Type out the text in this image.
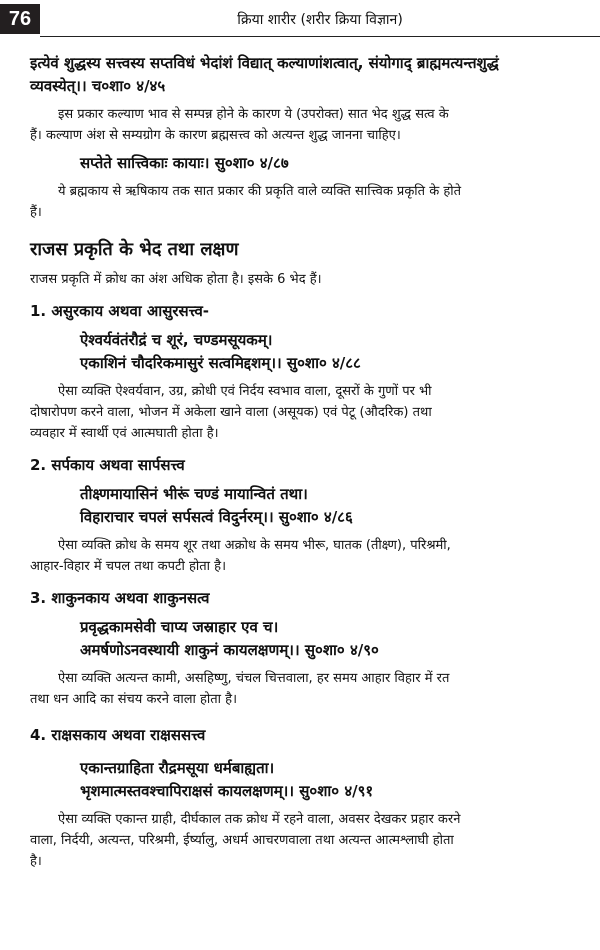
76	क्रिया शारीर (शरीर क्रिया विज्ञान)

इत्येवं शुद्धस्य सत्त्वस्य सप्तविधं भेदांशं विद्यात् कल्याणांशत्वात्, संयोगाद् ब्राह्ममत्यन्तशुद्धं
व्यवस्येत्।। च०शा० ४/४५

इस प्रकार कल्याण भाव से सम्पन्न होने के कारण ये (उपरोक्त) सात भेद शुद्ध सत्व के
हैं। कल्याण अंश से सम्यग्रोग के कारण ब्रह्मसत्त्व को अत्यन्त शुद्ध जानना चाहिए।

सप्तेते सात्त्विकाः कायाः। सु०शा० ४/८७

ये ब्रह्मकाय से ऋषिकाय तक सात प्रकार की प्रकृति वाले व्यक्ति सात्त्विक प्रकृति के होते
हैं।

राजस प्रकृति के भेद तथा लक्षण

राजस प्रकृति में क्रोध का अंश अधिक होता है। इसके 6 भेद हैं।

1. असुरकाय अथवा आसुरसत्त्व-

ऐश्वर्यवंतंरौद्रं च शूरं, चण्डमसूयकम्।
एकाशिनं चौदरिकमासुरं सत्वमिद्दशम्।। सु०शा० ४/८८

ऐसा व्यक्ति ऐश्वर्यवान, उग्र, क्रोधी एवं निर्दय स्वभाव वाला, दूसरों के गुणों पर भी
दोषारोपण करने वाला, भोजन में अकेला खाने वाला (असूयक) एवं पेटू (औदरिक) तथा
व्यवहार में स्वार्थी एवं आत्मघाती होता है।

2. सर्पकाय अथवा सार्पसत्त्व

तीक्ष्णमायासिनं भीरूं चण्डं मायान्वितं तथा।
विहाराचार चपलं सर्पसत्वं विदुर्नरम्।। सु०शा० ४/८६

ऐसा व्यक्ति क्रोध के समय शूर तथा अक्रोध के समय भीरू, घातक (तीक्ष्ण), परिश्रमी,
आहार-विहार में चपल तथा कपटी होता है।

3. शाकुनकाय अथवा शाकुनसत्व

प्रवृद्धकामसेवी चाप्य जस्राहार एव च।
अमर्षणोऽनवस्थायी शाकुनं कायलक्षणम्।। सु०शा० ४/९०

ऐसा व्यक्ति अत्यन्त कामी, असहिष्णु, चंचल चित्तवाला, हर समय आहार विहार में रत
तथा धन आदि का संचय करने वाला होता है।

4. राक्षसकाय अथवा राक्षससत्त्व

एकान्तग्राहिता रौद्रमसूया धर्मबाह्यता।
भृशमात्मस्तवश्चापिराक्षसं कायलक्षणम्।। सु०शा० ४/९१

ऐसा व्यक्ति एकान्त ग्राही, दीर्घकाल तक क्रोध में रहने वाला, अवसर देखकर प्रहार करने
वाला, निर्दयी, अत्यन्त, परिश्रमी, ईर्ष्यालु, अधर्म आचरणवाला तथा अत्यन्त आत्मश्लाघी होता
है।
